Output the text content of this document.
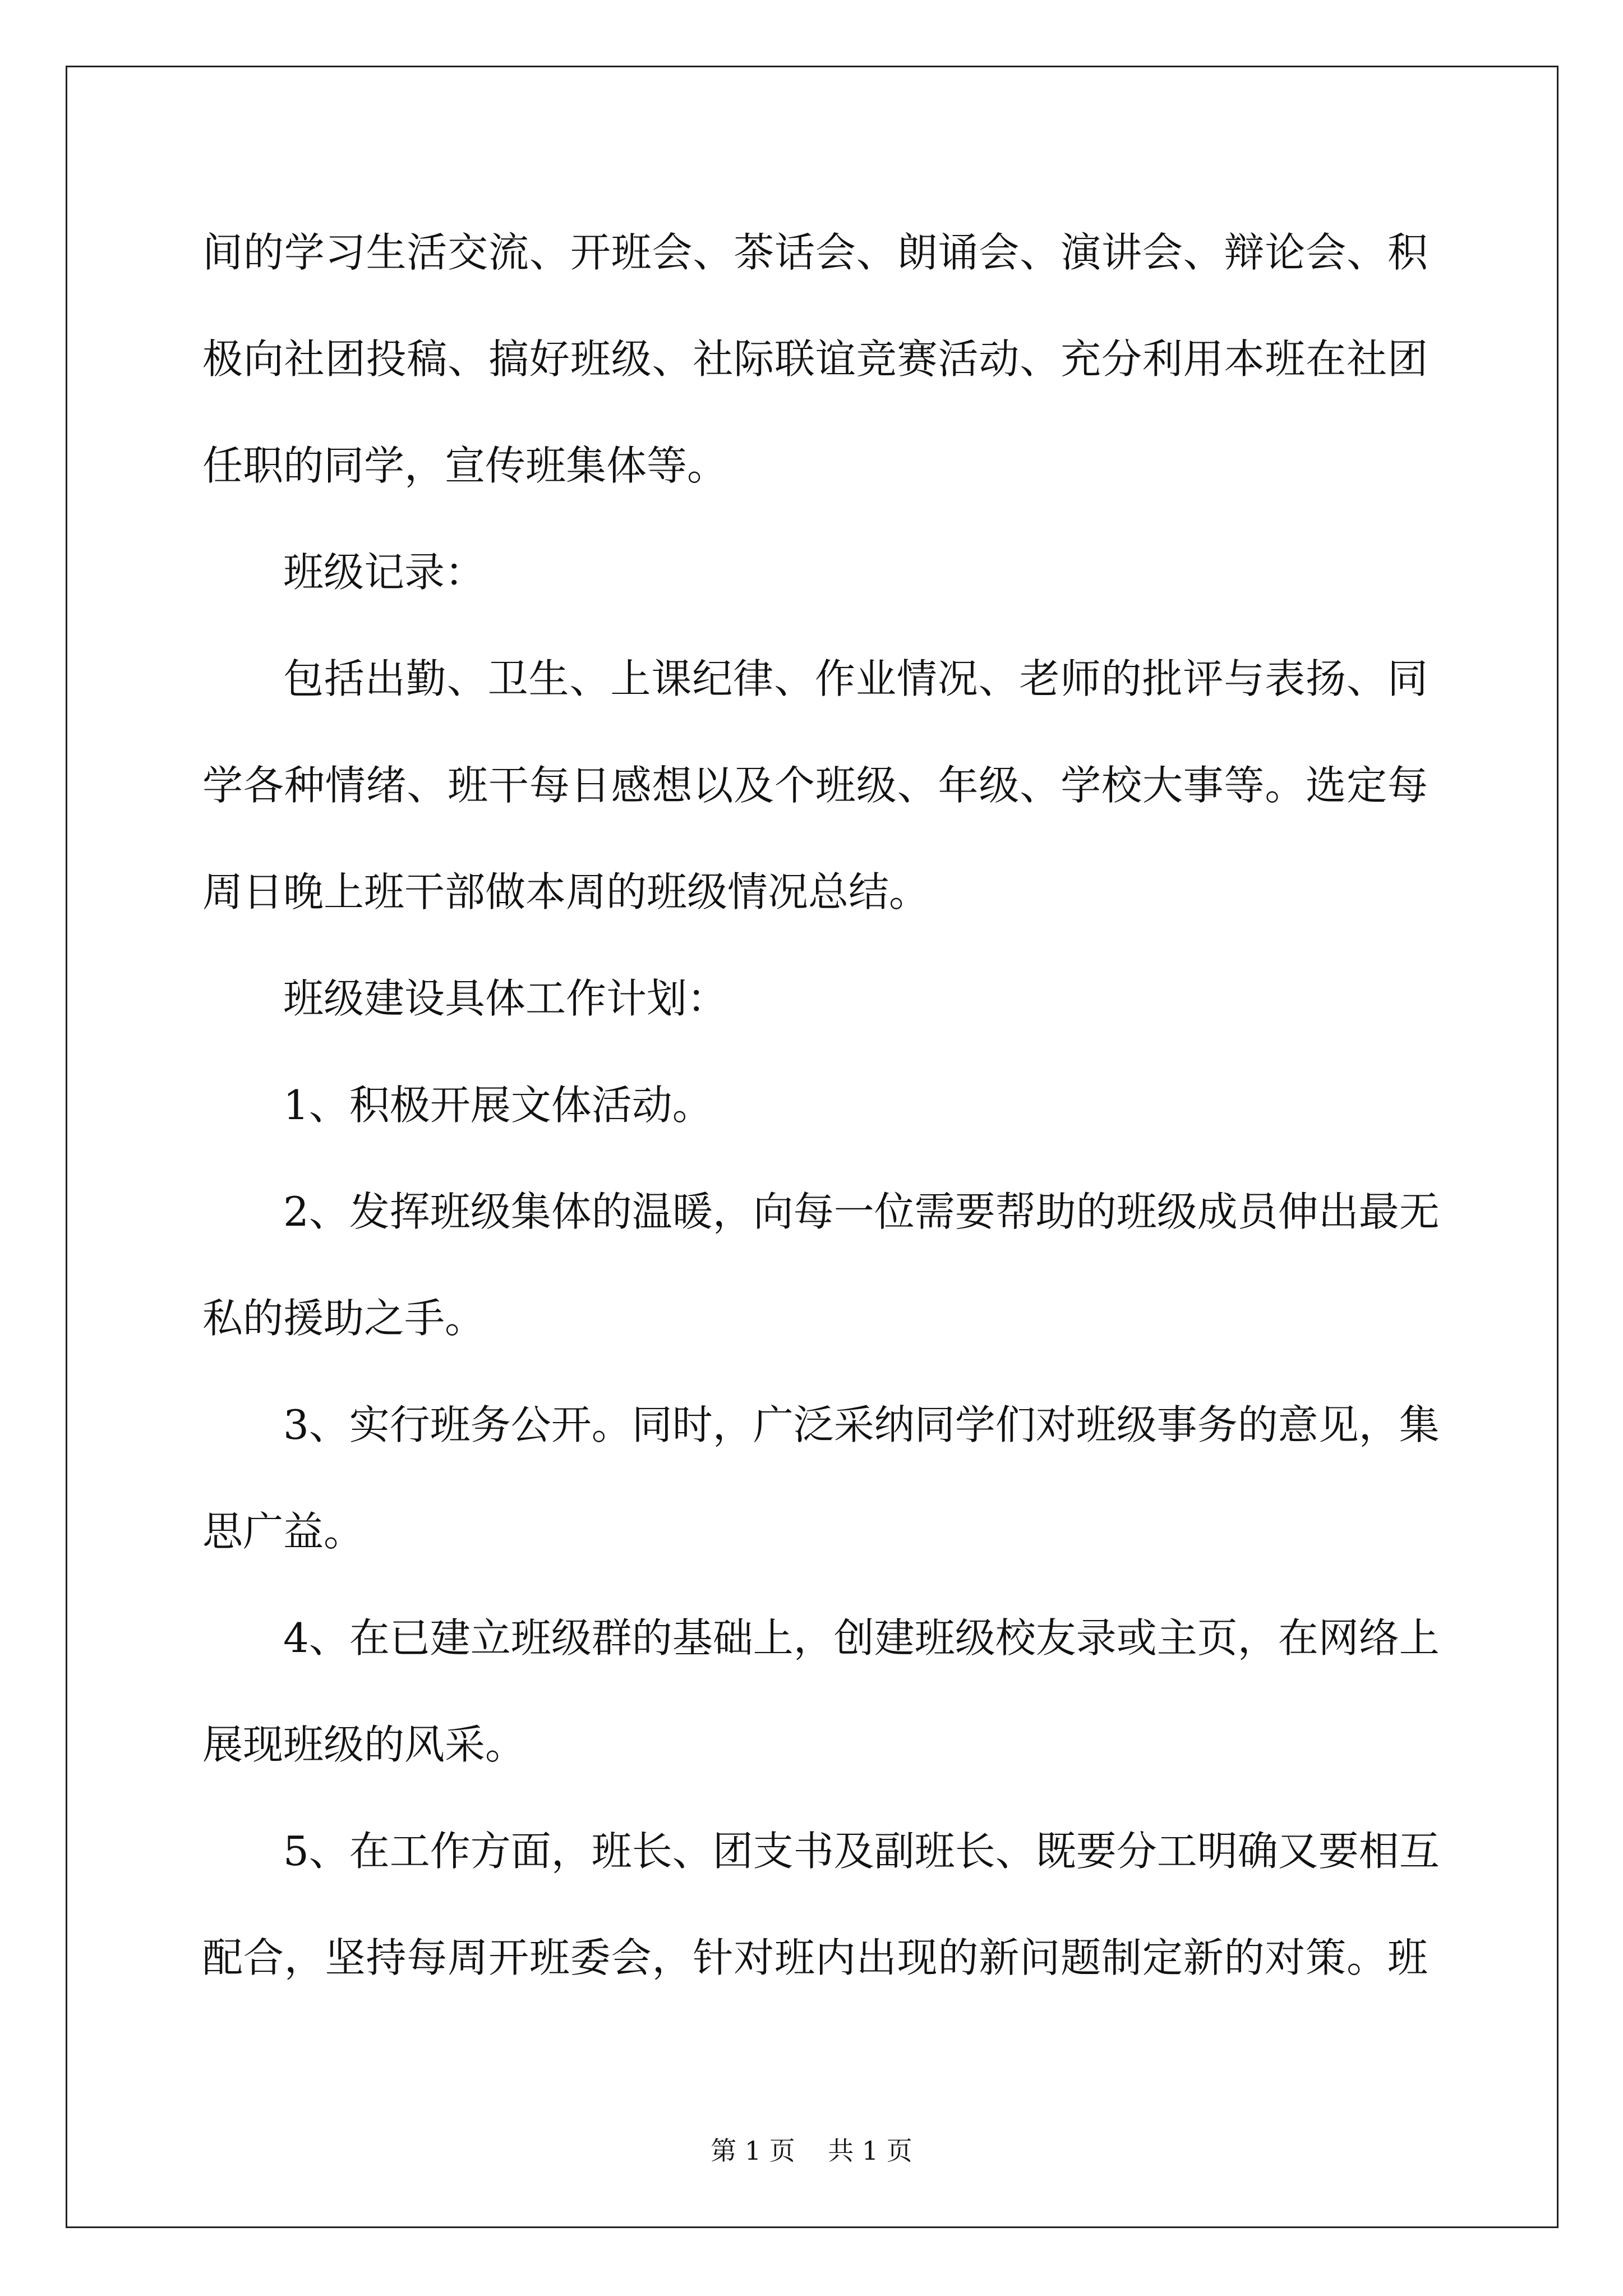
间的学习生活交流、开班会、茶话会、朗诵会、演讲会、辩论会、积
极向社团投稿、搞好班级、社际联谊竞赛活动、充分利用本班在社团
任职的同学，宣传班集体等。
班级记录：
包括出勤、卫生、上课纪律、作业情况、老师的批评与表扬、同
学各种情绪、班干每日感想以及个班级、年级、学校大事等。选定每
周日晚上班干部做本周的班级情况总结。
班级建设具体工作计划：
1、积极开展文体活动。
2、发挥班级集体的温暖，向每一位需要帮助的班级成员伸出最无
私的援助之手。
3、实行班务公开。同时，广泛采纳同学们对班级事务的意见，集
思广益。
4、在已建立班级群的基础上，创建班级校友录或主页，在网络上
展现班级的风采。
5、在工作方面，班长、团支书及副班长、既要分工明确又要相互
配合，坚持每周开班委会，针对班内出现的新问题制定新的对策。班
第 1 页    共 1 页
